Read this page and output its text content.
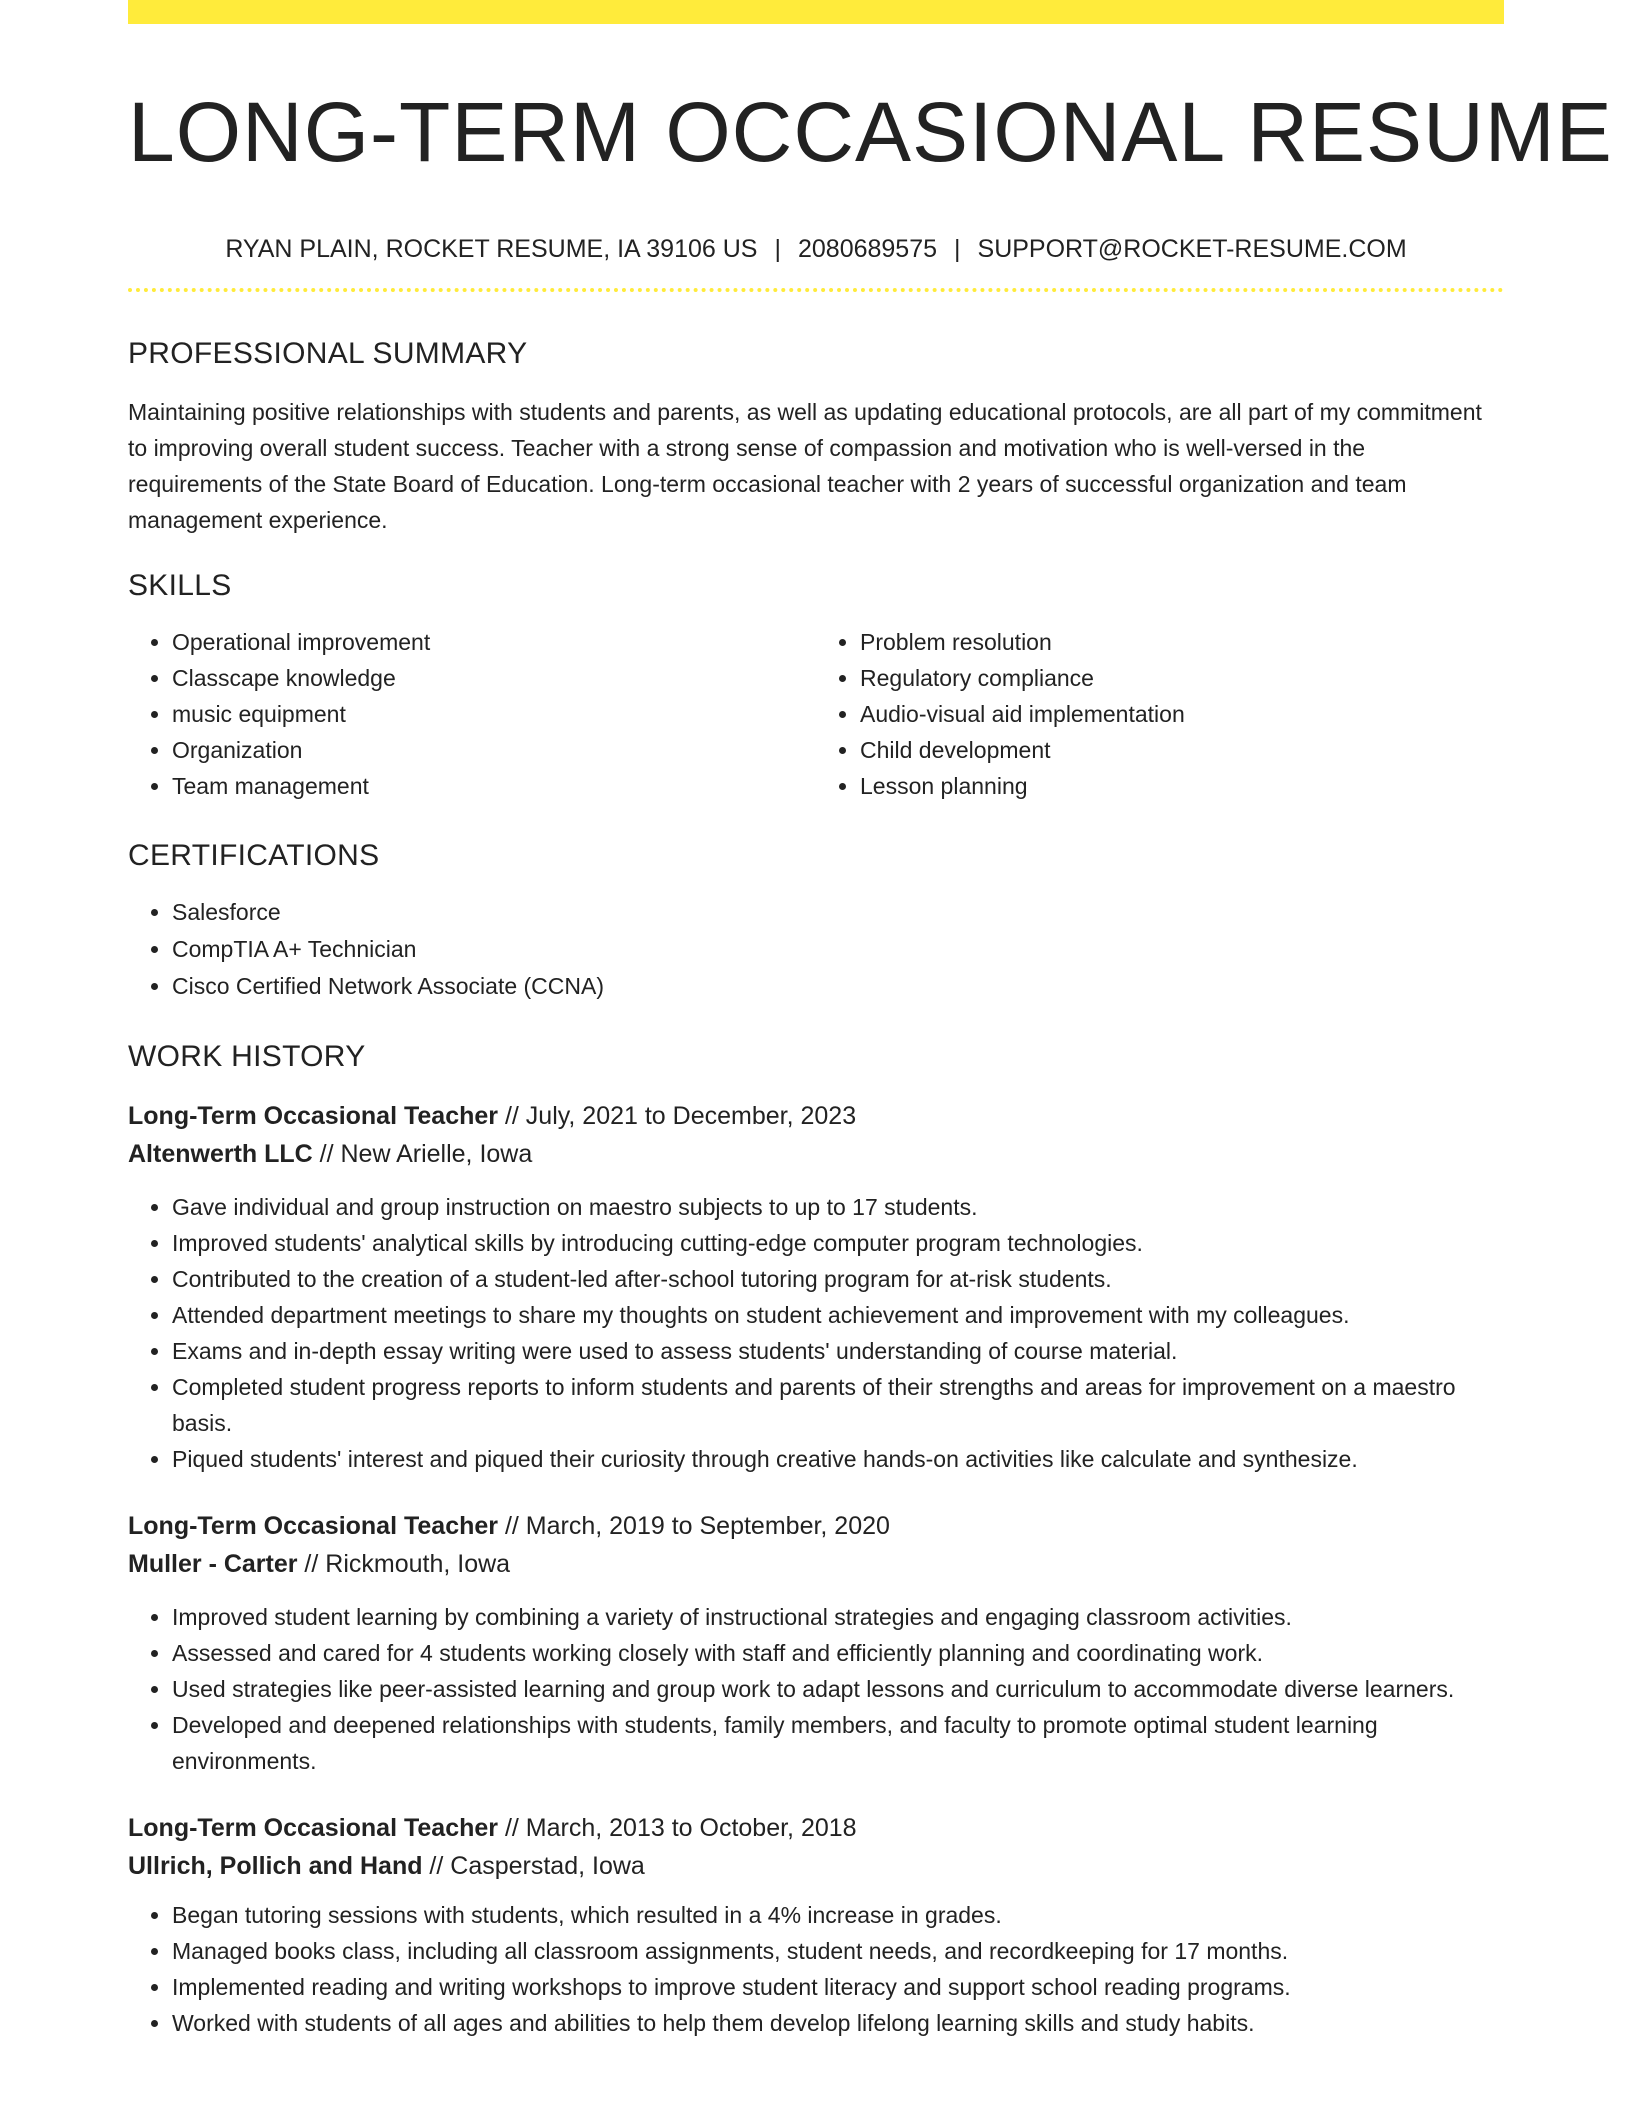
LONG-TERM OCCASIONAL RESUME
RYAN PLAIN, ROCKET RESUME, IA 39106 US | 2080689575 | SUPPORT@ROCKET-RESUME.COM
PROFESSIONAL SUMMARY

Maintaining positive relationships with students and parents, as well as updating educational protocols, are all part of my commitment to improving overall student success. Teacher with a strong sense of compassion and motivation who is well-versed in the requirements of the State Board of Education. Long-term occasional teacher with 2 years of successful organization and team management experience.

SKILLS
• Operational improvement
• Classcape knowledge
• music equipment
• Organization
• Team management
• Problem resolution
• Regulatory compliance
• Audio-visual aid implementation
• Child development
• Lesson planning
CERTIFICATIONS
• Salesforce
• CompTIA A+ Technician
• Cisco Certified Network Associate (CCNA)
WORK HISTORY
Long-Term Occasional Teacher // July, 2021 to December, 2023
Altenwerth LLC // New Arielle, Iowa
• Gave individual and group instruction on maestro subjects to up to 17 students.
• Improved students' analytical skills by introducing cutting-edge computer program technologies.
• Contributed to the creation of a student-led after-school tutoring program for at-risk students.
• Attended department meetings to share my thoughts on student achievement and improvement with my colleagues.
• Exams and in-depth essay writing were used to assess students' understanding of course material.
• Completed student progress reports to inform students and parents of their strengths and areas for improvement on a maestro basis.
• Piqued students' interest and piqued their curiosity through creative hands-on activities like calculate and synthesize.
Long-Term Occasional Teacher // March, 2019 to September, 2020
Muller - Carter // Rickmouth, Iowa
• Improved student learning by combining a variety of instructional strategies and engaging classroom activities.
• Assessed and cared for 4 students working closely with staff and efficiently planning and coordinating work.
• Used strategies like peer-assisted learning and group work to adapt lessons and curriculum to accommodate diverse learners.
• Developed and deepened relationships with students, family members, and faculty to promote optimal student learning environments.
Long-Term Occasional Teacher // March, 2013 to October, 2018
Ullrich, Pollich and Hand // Casperstad, Iowa
• Began tutoring sessions with students, which resulted in a 4% increase in grades.
• Managed books class, including all classroom assignments, student needs, and recordkeeping for 17 months.
• Implemented reading and writing workshops to improve student literacy and support school reading programs.
• Worked with students of all ages and abilities to help them develop lifelong learning skills and study habits.
